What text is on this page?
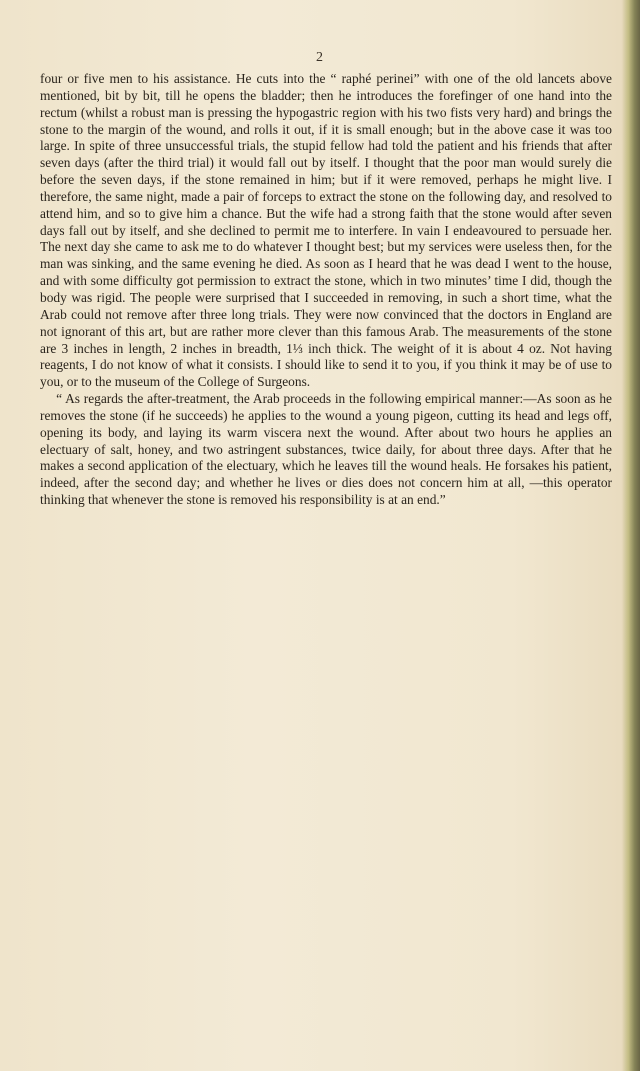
2

four or five men to his assistance. He cuts into the “ raphé perinei” with one of the old lancets above mentioned, bit by bit, till he opens the bladder; then he introduces the forefinger of one hand into the rectum (whilst a robust man is pressing the hypogastric region with his two fists very hard) and brings the stone to the margin of the wound, and rolls it out, if it is small enough; but in the above case it was too large. In spite of three unsuccessful trials, the stupid fellow had told the patient and his friends that after seven days (after the third trial) it would fall out by itself. I thought that the poor man would surely die before the seven days, if the stone remained in him; but if it were removed, perhaps he might live. I therefore, the same night, made a pair of forceps to extract the stone on the following day, and resolved to attend him, and so to give him a chance. But the wife had a strong faith that the stone would after seven days fall out by itself, and she declined to permit me to interfere. In vain I endeavoured to persuade her. The next day she came to ask me to do whatever I thought best; but my services were useless then, for the man was sinking, and the same evening he died. As soon as I heard that he was dead I went to the house, and with some difficulty got permission to extract the stone, which in two minutes’ time I did, though the body was rigid. The people were surprised that I succeeded in removing, in such a short time, what the Arab could not remove after three long trials. They were now convinced that the doctors in England are not ignorant of this art, but are rather more clever than this famous Arab. The measurements of the stone are 3 inches in length, 2 inches in breadth, 1⅓ inch thick. The weight of it is about 4 oz. Not having reagents, I do not know of what it consists. I should like to send it to you, if you think it may be of use to you, or to the museum of the College of Surgeons.

“ As regards the after-treatment, the Arab proceeds in the following empirical manner:—As soon as he removes the stone (if he succeeds) he applies to the wound a young pigeon, cutting its head and legs off, opening its body, and laying its warm viscera next the wound. After about two hours he applies an electuary of salt, honey, and two astringent substances, twice daily, for about three days. After that he makes a second application of the electuary, which he leaves till the wound heals. He forsakes his patient, indeed, after the second day; and whether he lives or dies does not concern him at all, —this operator thinking that whenever the stone is removed his responsibility is at an end.”
